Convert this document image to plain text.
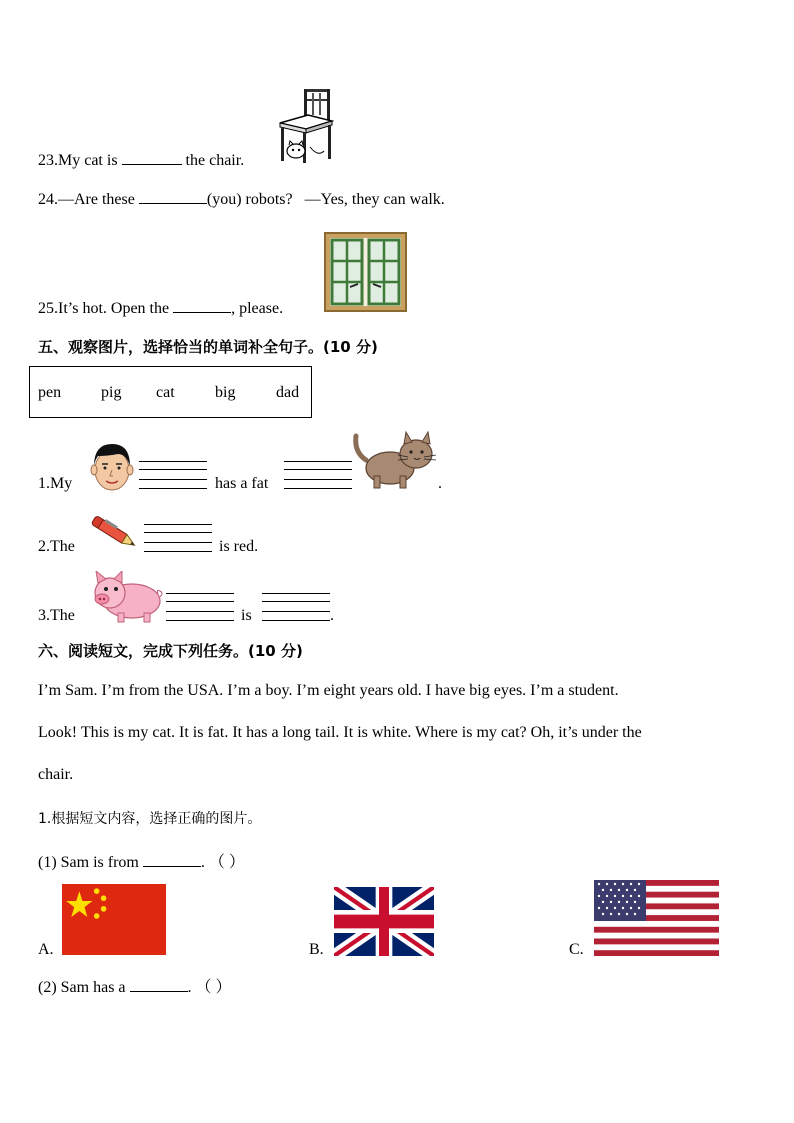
23.My cat is	the chair.
24.—Are these	(you) robots? —Yes, they can walk.
25.It’s hot. Open the	, please.
五、观察图片，选择恰当的单词补全句子。(10 分)
pen pig cat	big	dad
1.My	has a fat	.
2.The	is red.
3.The	is	.
六、阅读短文，完成下列任务。(10 分)
I’m Sam. I’m from the USA. I’m a boy. I’m eight years old. I have big eyes. I’m a student.
Look! This is my cat. It is fat. It has a long tail. It is white. Where is my cat? Oh, it’s under the
chair.
1.根据短文内容，选择正确的图片。
(1) Sam is from	. （ ）
A.	B.	C.
(2) Sam has a	. （ ）
